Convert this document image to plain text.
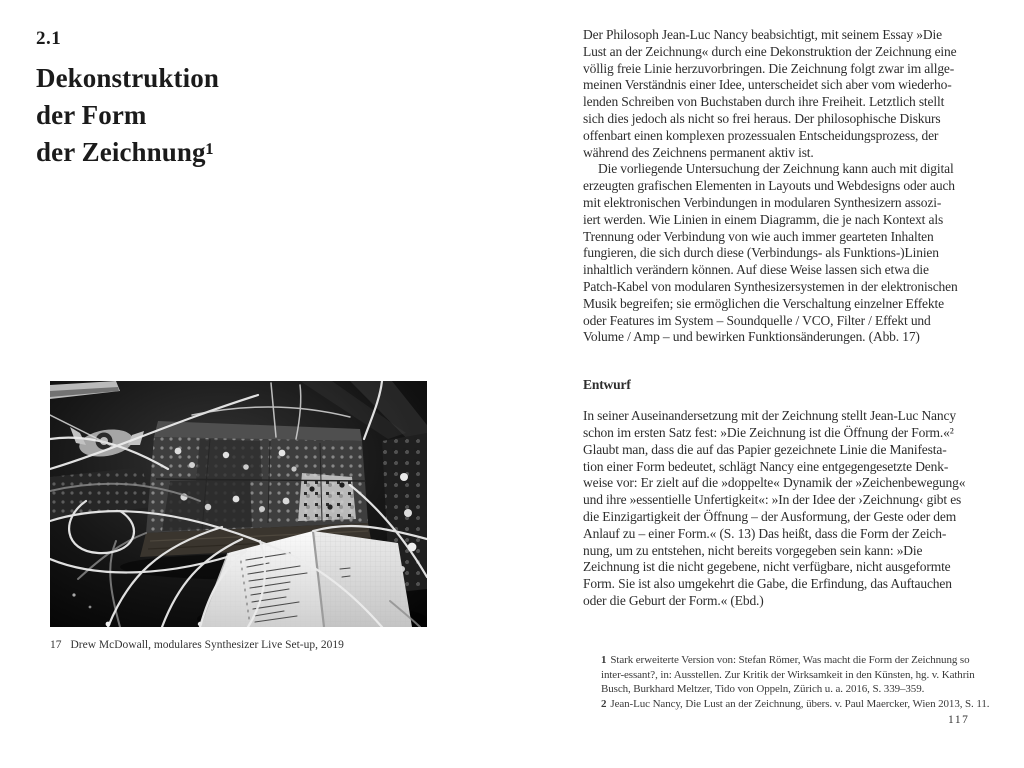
2.1
Dekonstruktion
der Form
der Zeichnung¹
17 Drew McDowall, modulares Synthesizer Live Set-up, 2019
Der Philosoph Jean-Luc Nancy beabsichtigt, mit seinem Essay »Die
Lust an der Zeichnung« durch eine Dekonstruktion der Zeichnung eine
völlig freie Linie herzuvorbringen. Die Zeichnung folgt zwar im allge-
meinen Verständnis einer Idee, unterscheidet sich aber vom wiederho-
lenden Schreiben von Buchstaben durch ihre Freiheit. Letztlich stellt
sich dies jedoch als nicht so frei heraus. Der philosophische Diskurs
offenbart einen komplexen prozessualen Entscheidungsprozess, der
während des Zeichnens permanent aktiv ist.
Die vorliegende Untersuchung der Zeichnung kann auch mit digital
erzeugten grafischen Elementen in Layouts und Webdesigns oder auch
mit elektronischen Verbindungen in modularen Synthesizern assozi-
iert werden. Wie Linien in einem Diagramm, die je nach Kontext als
Trennung oder Verbindung von wie auch immer gearteten Inhalten
fungieren, die sich durch diese (Verbindungs- als Funktions-)Linien
inhaltlich verändern können. Auf diese Weise lassen sich etwa die
Patch-Kabel von modularen Synthesizersystemen in der elektronischen
Musik begreifen; sie ermöglichen die Verschaltung einzelner Effekte
oder Features im System – Soundquelle / VCO, Filter / Effekt und
Volume / Amp – und bewirken Funktionsänderungen. (Abb. 17)
Entwurf
In seiner Auseinandersetzung mit der Zeichnung stellt Jean-Luc Nancy
schon im ersten Satz fest: »Die Zeichnung ist die Öffnung der Form.«²
Glaubt man, dass die auf das Papier gezeichnete Linie die Manifesta-
tion einer Form bedeutet, schlägt Nancy eine entgegengesetzte Denk-
weise vor: Er zielt auf die »doppelte« Dynamik der »Zeichenbewegung«
und ihre »essentielle Unfertigkeit«: »In der Idee der ›Zeichnung‹ gibt es
die Einzigartigkeit der Öffnung – der Ausformung, der Geste oder dem
Anlauf zu – einer Form.« (S. 13) Das heißt, dass die Form der Zeich-
nung, um zu entstehen, nicht bereits vorgegeben sein kann: »Die
Zeichnung ist die nicht gegebene, nicht verfügbare, nicht ausgeformte
Form. Sie ist also umgekehrt die Gabe, die Erfindung, das Auftauchen
oder die Geburt der Form.« (Ebd.)
1 Stark erweiterte Version von: Stefan Römer, Was macht die Form der Zeichnung so
inter-essant?, in: Ausstellen. Zur Kritik der Wirksamkeit in den Künsten, hg. v. Kathrin
Busch, Burkhard Meltzer, Tido von Oppeln, Zürich u. a. 2016, S. 339–359.
2 Jean-Luc Nancy, Die Lust an der Zeichnung, übers. v. Paul Maercker, Wien 2013, S. 11.
117
